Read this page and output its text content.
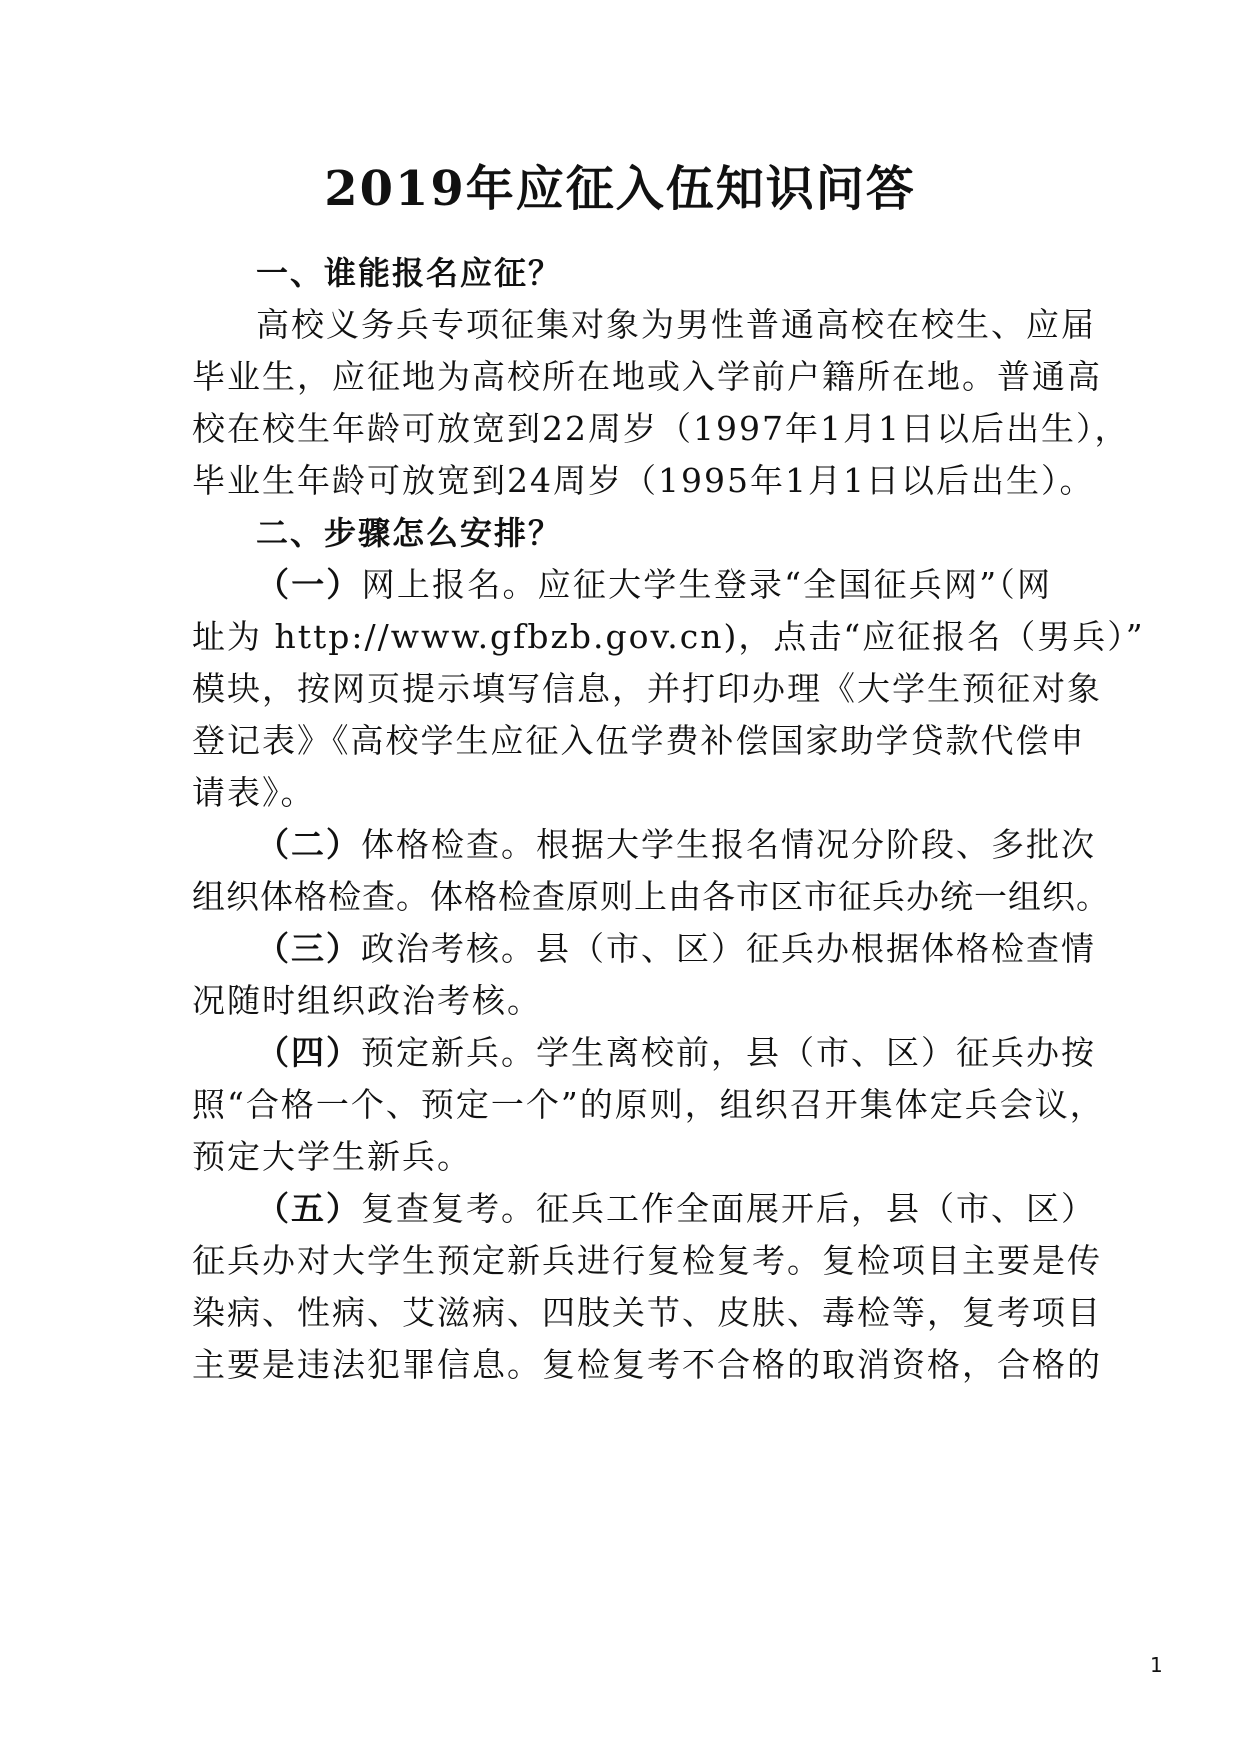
2019年应征入伍知识问答
一、谁能报名应征？
高校义务兵专项征集对象为男性普通高校在校生、应届
毕业生，应征地为高校所在地或入学前户籍所在地。普通高
校在校生年龄可放宽到22周岁（1997年1月1日以后出生），
毕业生年龄可放宽到24周岁（1995年1月1日以后出生）。
二、步骤怎么安排？
（一）网上报名。应征大学生登录“全国征兵网”（网
址为 http://www.gfbzb.gov.cn)，点击“应征报名（男兵）”
模块，按网页提示填写信息，并打印办理《大学生预征对象
登记表》《高校学生应征入伍学费补偿国家助学贷款代偿申
请表》。
（二）体格检查。根据大学生报名情况分阶段、多批次
组织体格检查。体格检查原则上由各市区市征兵办统一组织。
（三）政治考核。县（市、区）征兵办根据体格检查情
况随时组织政治考核。
（四）预定新兵。学生离校前，县（市、区）征兵办按
照“合格一个、预定一个”的原则，组织召开集体定兵会议，
预定大学生新兵。
（五）复查复考。征兵工作全面展开后，县（市、区）
征兵办对大学生预定新兵进行复检复考。复检项目主要是传
染病、性病、艾滋病、四肢关节、皮肤、毒检等，复考项目
主要是违法犯罪信息。复检复考不合格的取消资格，合格的
1
